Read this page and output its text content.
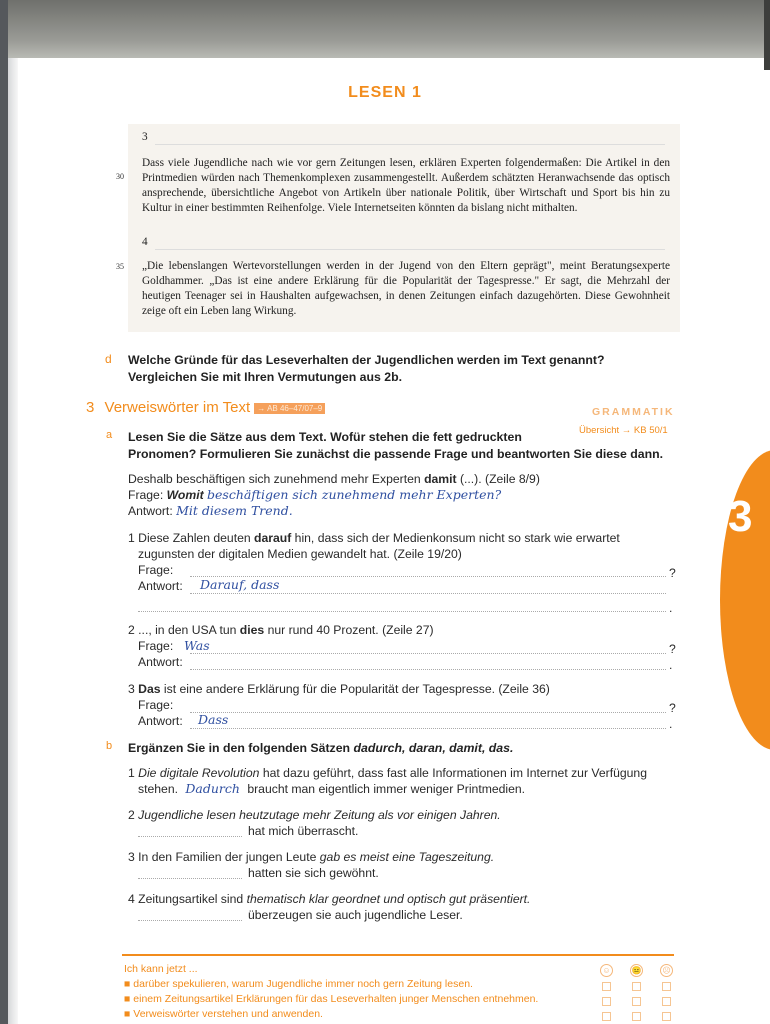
3
LESEN 1
3
30
Dass viele Jugendliche nach wie vor gern Zeitungen lesen, erklären Experten folgendermaßen: Die Artikel in den Printmedien würden nach Themenkomplexen zusammengestellt. Außerdem schätzten Heranwachsende das optisch ansprechende, übersichtliche Angebot von Artikeln über nationale Politik, über Wirtschaft und Sport bis hin zu Kultur in einer bestimmten Reihenfolge. Viele Internetseiten könnten da bislang nicht mithalten.
4
35 „Die lebenslangen Wertevorstellungen werden in der Jugend von den Eltern geprägt", meint Beratungsexperte Goldhammer. „Das ist eine andere Erklärung für die Popularität der Tagespresse." Er sagt, die Mehrzahl der heutigen Teenager sei in Haushalten aufgewachsen, in denen Zeitungen einfach dazugehörten. Diese Gewohnheit zeige oft ein Leben lang Wirkung.
d Welche Gründe für das Leseverhalten der Jugendlichen werden im Text genannt?
Vergleichen Sie mit Ihren Vermutungen aus 2b.
3 Verweiswörter im Text → AB 46–47/07–9	GRAMMATIK
Übersicht → KB 50/1
a Lesen Sie die Sätze aus dem Text. Wofür stehen die fett gedruckten
Pronomen? Formulieren Sie zunächst die passende Frage und beantworten Sie diese dann.
Deshalb beschäftigen sich zunehmend mehr Experten damit (...). (Zeile 8/9)
Frage: Womit beschäftigen sich zunehmend mehr Experten?
Antwort: Mit diesem Trend.
1 Diese Zahlen deuten darauf hin, dass sich der Medienkonsum nicht so stark wie erwartet
zugunsten der digitalen Medien gewandelt hat. (Zeile 19/20)
Frage:	?
Antwort: Darauf, dass
.
2 ..., in den USA tun dies nur rund 40 Prozent. (Zeile 27)
Frage: Was	?
Antwort:	.
3 Das ist eine andere Erklärung für die Popularität der Tagespresse. (Zeile 36)
Frage:	?
Antwort: Dass	.
b Ergänzen Sie in den folgenden Sätzen dadurch, daran, damit, das.
1 Die digitale Revolution hat dazu geführt, dass fast alle Informationen im Internet zur Verfügung
stehen. Dadurch braucht man eigentlich immer weniger Printmedien.
2 Jugendliche lesen heutzutage mehr Zeitung als vor einigen Jahren.
hat mich überrascht.
3 In den Familien der jungen Leute gab es meist eine Tageszeitung.
hatten sie sich gewöhnt.
4 Zeitungsartikel sind thematisch klar geordnet und optisch gut präsentiert.
überzeugen sie auch jugendliche Leser.
Ich kann jetzt ...
■ darüber spekulieren, warum Jugendliche immer noch gern Zeitung lesen.
■ einem Zeitungsartikel Erklärungen für das Leseverhalten junger Menschen entnehmen.
■ Verweiswörter verstehen und anwenden.
☺	😐	☹
